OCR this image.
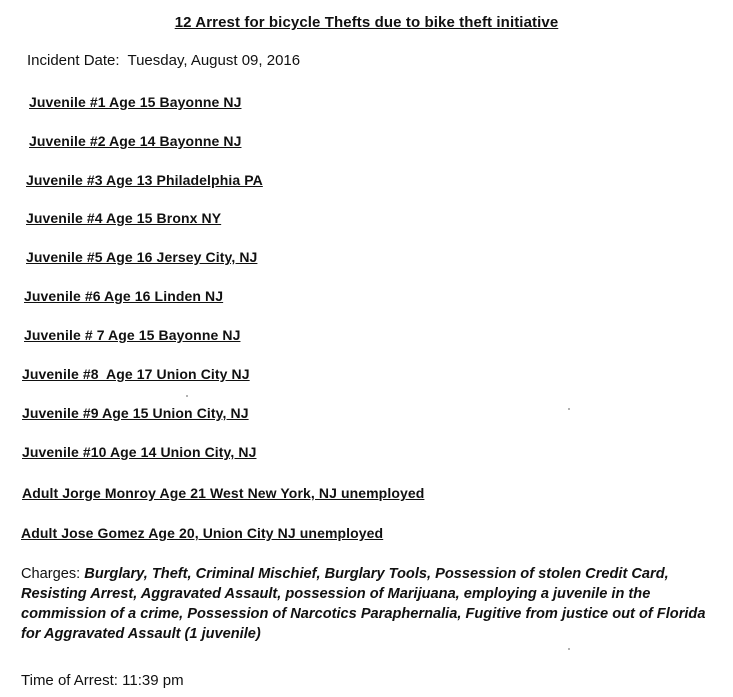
12 Arrest for bicycle Thefts due to bike theft initiative
Incident Date: Tuesday, August 09, 2016
Juvenile #1 Age 15 Bayonne NJ
Juvenile #2 Age 14 Bayonne NJ
Juvenile #3 Age 13 Philadelphia PA
Juvenile #4 Age 15 Bronx NY
Juvenile #5 Age 16 Jersey City, NJ
Juvenile #6 Age 16 Linden NJ
Juvenile # 7 Age 15 Bayonne NJ
Juvenile #8  Age 17 Union City NJ
Juvenile #9 Age 15 Union City, NJ
Juvenile #10 Age 14 Union City, NJ
Adult Jorge Monroy Age 21 West New York, NJ unemployed
Adult Jose Gomez Age 20, Union City NJ unemployed
Charges: Burglary, Theft, Criminal Mischief, Burglary Tools, Possession of stolen Credit Card, Resisting Arrest, Aggravated Assault, possession of Marijuana, employing a juvenile in the commission of a crime, Possession of Narcotics Paraphernalia, Fugitive from justice out of Florida for Aggravated Assault (1 juvenile)
Time of Arrest: 11:39 pm
